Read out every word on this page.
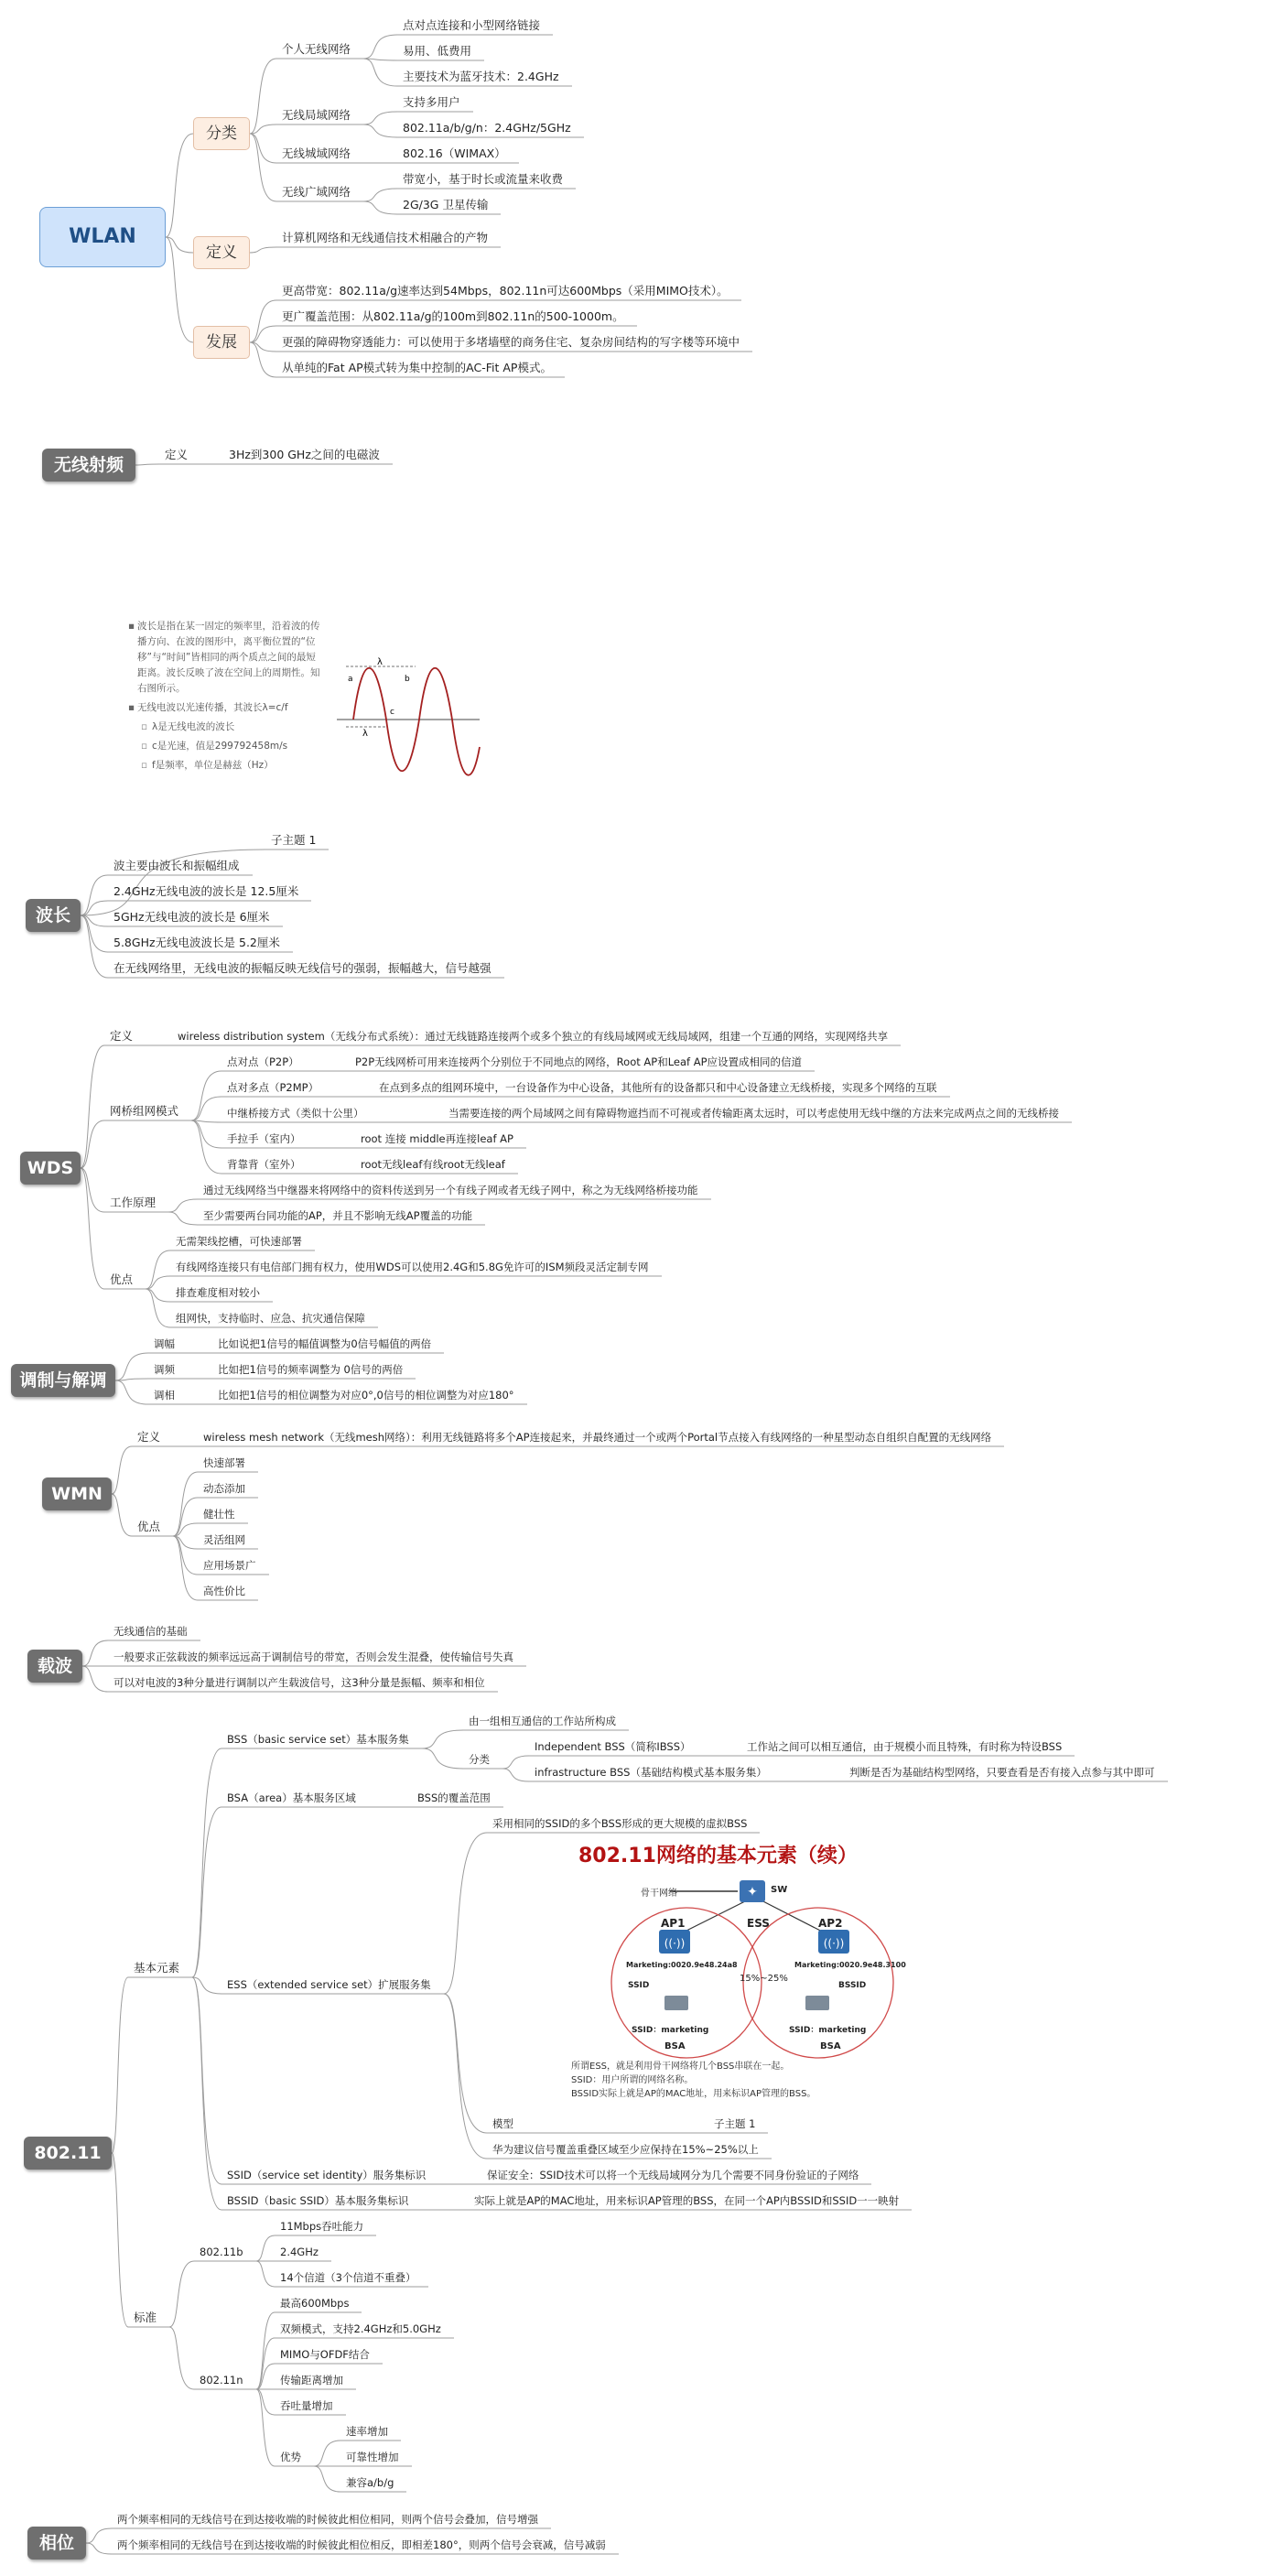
WLAN
分类
定义
发展
个人无线网络
点对点连接和小型网络链接
易用、低费用
主要技术为蓝牙技术：2.4GHz
无线局域网络
支持多用户
802.11a/b/g/n：2.4GHz/5GHz
无线城域网络	802.16（WIMAX）
无线广域网络
带宽小，基于时长或流量来收费
2G/3G 卫星传输
计算机网络和无线通信技术相融合的产物
更高带宽：802.11a/g速率达到54Mbps，802.11n可达600Mbps（采用MIMO技术）。
更广覆盖范围：从802.11a/g的100m到802.11n的500-1000m。
更强的障碍物穿透能力：可以使用于多堵墙壁的商务住宅、复杂房间结构的写字楼等环境中
从单纯的Fat AP模式转为集中控制的AC-Fit AP模式。
无线射频
定义	3Hz到300 GHz之间的电磁波
▪ 波长是指在某一固定的频率里，沿着波的传播方向、在波的图形中，离平衡位置的“位移”与“时间”皆相同的两个质点之间的最短距离。波长反映了波在空间上的周期性。知右图所示。
▪ 无线电波以光速传播，其波长λ=c/f
▫ λ是无线电波的波长
▫ c是光速，值是299792458m/s
▫ f是频率，单位是赫兹（Hz）
λ
a	b
c
λ
波长
子主题 1
波主要由波长和振幅组成
2.4GHz无线电波的波长是 12.5厘米
5GHz无线电波的波长是 6厘米
5.8GHz无线电波波长是 5.2厘米
在无线网络里，无线电波的振幅反映无线信号的强弱，振幅越大，信号越强
WDS
定义	wireless distribution system（无线分布式系统）：通过无线链路连接两个或多个独立的有线局域网或无线局域网，组建一个互通的网络，实现网络共享
网桥组网模式
点对点（P2P）	P2P无线网桥可用来连接两个分别位于不同地点的网络，Root AP和Leaf AP应设置成相同的信道
点对多点（P2MP）	在点到多点的组网环境中，一台设备作为中心设备，其他所有的设备都只和中心设备建立无线桥接，实现多个网络的互联
中继桥接方式（类似十公里）	当需要连接的两个局域网之间有障碍物遮挡而不可视或者传输距离太远时，可以考虑使用无线中继的方法来完成两点之间的无线桥接
手拉手（室内）	root 连接 middle再连接leaf AP
背靠背（室外）	root无线leaf有线root无线leaf
工作原理
通过无线网络当中继器来将网络中的资料传送到另一个有线子网或者无线子网中，称之为无线网络桥接功能
至少需要两台同功能的AP，并且不影响无线AP覆盖的功能
优点
无需架线挖槽，可快速部署
有线网络连接只有电信部门拥有权力，使用WDS可以使用2.4G和5.8G免许可的ISM频段灵活定制专网
排查难度相对较小
组网快，支持临时、应急、抗灾通信保障
调制与解调
调幅	比如说把1信号的幅值调整为0信号幅值的两倍
调频	比如把1信号的频率调整为 0信号的两倍
调相	比如把1信号的相位调整为对应0°,0信号的相位调整为对应180°
WMN
定义	wireless mesh network（无线mesh网络）：利用无线链路将多个AP连接起来，并最终通过一个或两个Portal节点接入有线网络的一种星型动态自组织自配置的无线网络
优点
快速部署
动态添加
健壮性
灵活组网
应用场景广
高性价比
载波
无线通信的基础
一般要求正弦载波的频率远远高于调制信号的带宽，否则会发生混叠，使传输信号失真
可以对电波的3种分量进行调制以产生载波信号，这3种分量是振幅、频率和相位
802.11
基本元素
BSS（basic service set）基本服务集
由一组相互通信的工作站所构成
分类
Independent BSS（简称IBSS）	工作站之间可以相互通信，由于规模小而且特殊，有时称为特设BSS
infrastructure BSS（基础结构模式基本服务集）	判断是否为基础结构型网络，只要查看是否有接入点参与其中即可
BSA（area）基本服务区域	BSS的覆盖范围
ESS（extended service set）扩展服务集
采用相同的SSID的多个BSS形成的更大规模的虚拟BSS
802.11网络的基本元素（续）
✦
((·))	((·))
骨干网络	SW
AP1	AP2
ESS
15%~25%
Marketing:0020.9e48.24a8	Marketing:0020.9e48.3100
SSID	BSSID
SSID：marketing	SSID：marketing
BSA	BSA
所谓ESS，就是利用骨干网络将几个BSS串联在一起。
SSID：用户所谓的网络名称。
BSSID实际上就是AP的MAC地址，用来标识AP管理的BSS。
模型	子主题 1
华为建议信号覆盖重叠区域至少应保持在15%~25%以上
SSID（service set identity）服务集标识	保证安全：SSID技术可以将一个无线局域网分为几个需要不同身份验证的子网络
BSSID（basic SSID）基本服务集标识	实际上就是AP的MAC地址，用来标识AP管理的BSS，在同一个AP内BSSID和SSID一一映射
标准
802.11b
11Mbps吞吐能力
2.4GHz
14个信道（3个信道不重叠）
802.11n
最高600Mbps
双频模式，支持2.4GHz和5.0GHz
MIMO与OFDF结合
传输距离增加
吞吐量增加
优势
速率增加
可靠性增加
兼容a/b/g
相位
两个频率相同的无线信号在到达接收端的时候彼此相位相同，则两个信号会叠加，信号增强
两个频率相同的无线信号在到达接收端的时候彼此相位相反，即相差180°，则两个信号会衰减，信号减弱
